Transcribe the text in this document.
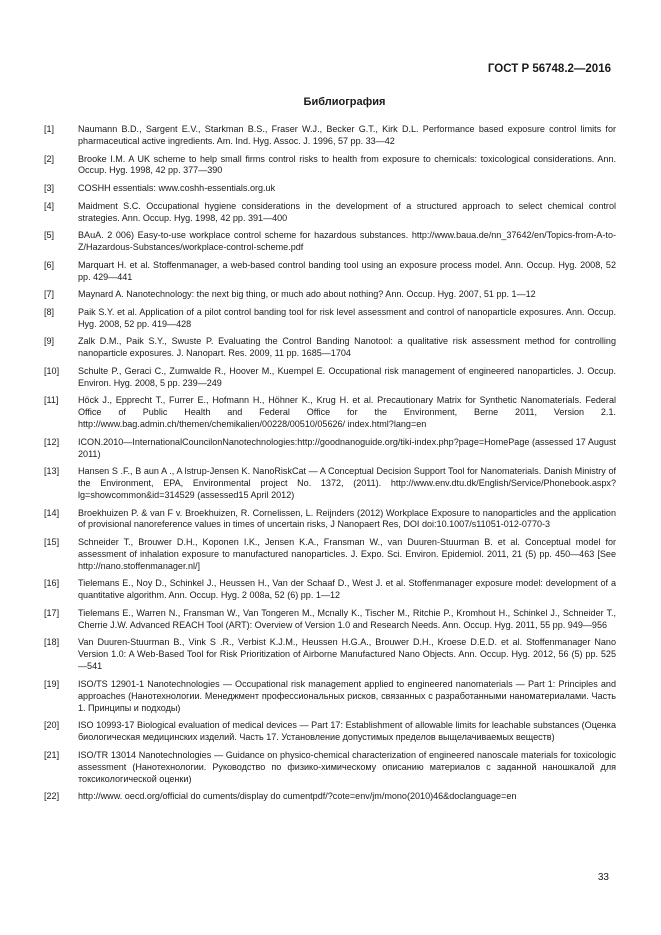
ГОСТ Р 56748.2—2016
Библиография
[1]	Naumann B.D., Sargent E.V., Starkman B.S., Fraser W.J., Becker G.T., Kirk D.L. Performance based exposure control limits for pharmaceutical active ingredients. Am. Ind. Hyg. Assoc. J. 1996, 57 pp. 33—42
[2]	Brooke I.M. A UK scheme to help small firms control risks to health from exposure to chemicals: toxicological considerations. Ann. Occup. Hyg. 1998, 42 pp. 377—390
[3]	COSHH essentials: www.coshh-essentials.org.uk
[4]	Maidment S.C. Occupational hygiene considerations in the development of a structured approach to select chemical control strategies. Ann. Occup. Hyg. 1998, 42 pp. 391—400
[5]	BAuA. 2 006) Easy-to-use workplace control scheme for hazardous substances. http://www.baua.de/nn_37642/en/Topics-from-A-to-Z/Hazardous-Substances/workplace-control-scheme.pdf
[6]	Marquart H. et al. Stoffenmanager, a web-based control banding tool using an exposure process model. Ann. Occup. Hyg. 2008, 52 pp. 429—441
[7]	Maynard A. Nanotechnology: the next big thing, or much ado about nothing? Ann. Occup. Hyg. 2007, 51 pp. 1—12
[8]	Paik S.Y. et al. Application of a pilot control banding tool for risk level assessment and control of nanoparticle exposures. Ann. Occup. Hyg. 2008, 52 pp. 419—428
[9]	Zalk D.M., Paik S.Y., Swuste P. Evaluating the Control Banding Nanotool: a qualitative risk assessment method for controlling nanoparticle exposures. J. Nanopart. Res. 2009, 11 pp. 1685—1704
[10]	Schulte P., Geraci C., Zumwalde R., Hoover M., Kuempel E. Occupational risk management of engineered nanoparticles. J. Occup. Environ. Hyg. 2008, 5 pp. 239—249
[11]	Höck J., Epprecht T., Furrer E., Hofmann H., Höhner K., Krug H. et al. Precautionary Matrix for Synthetic Nanomaterials. Federal Office of Public Health and Federal Office for the Environment, Berne 2011, Version 2.1. http://www.bag.admin.ch/themen/chemikalien/00228/00510/05626/ index.html?lang=en
[12]	ICON.2010—InternationalCouncilonNanotechnologies:http://goodnanoguide.org/tiki-index.php?page=HomePage (assessed 17 August 2011)
[13]	Hansen S .F., B aun A ., A lstrup-Jensen K. NanoRiskCat — A Conceptual Decision Support Tool for Nanomaterials. Danish Ministry of the Environment, EPA, Environmental project No. 1372, (2011). http://www.env.dtu.dk/English/Service/Phonebook.aspx?lg=showcommon&id=314529 (assessed15 April 2012)
[14]	Broekhuizen P. & van F v. Broekhuizen, R. Cornelissen, L. Reijnders (2012) Workplace Exposure to nanoparticles and the application of provisional nanoreference values in times of uncertain risks, J Nanopaert Res, DOI doi:10.1007/s11051-012-0770-3
[15]	Schneider T., Brouwer D.H., Koponen I.K., Jensen K.A., Fransman W., van Duuren-Stuurman B. et al. Conceptual model for assessment of inhalation exposure to manufactured nanoparticles. J. Expo. Sci. Environ. Epidemiol. 2011, 21 (5) pp. 450—463 [See http://nano.stoffenmanager.nl/]
[16]	Tielemans E., Noy D., Schinkel J., Heussen H., Van der Schaaf D., West J. et al. Stoffenmanager exposure model: development of a quantitative algorithm. Ann. Occup. Hyg. 2 008a, 52 (6) pp. 1—12
[17]	Tielemans E., Warren N., Fransman W., Van Tongeren M., Mcnally K., Tischer M., Ritchie P., Kromhout H., Schinkel J., Schneider T., Cherrie J.W. Advanced REACH Tool (ART): Overview of Version 1.0 and Research Needs. Ann. Occup. Hyg. 2011, 55 pp. 949—956
[18]	Van Duuren-Stuurman B., Vink S .R., Verbist K.J.M., Heussen H.G.A., Brouwer D.H., Kroese D.E.D. et al. Stoffenmanager Nano Version 1.0: A Web-Based Tool for Risk Prioritization of Airborne Manufactured Nano Objects. Ann. Occup. Hyg. 2012, 56 (5) pp. 525—541
[19]	ISO/TS 12901-1 Nanotechnologies — Occupational risk management applied to engineered nanomaterials — Part 1: Principles and approaches (Нанотехнологии. Менеджмент профессиональных рисков, связанных с разработанными наноматериалами. Часть 1. Принципы и подходы)
[20]	ISO 10993-17 Biological evaluation of medical devices — Part 17: Establishment of allowable limits for leachable substances (Оценка биологическая медицинских изделий. Часть 17. Установление допустимых пределов выщелачиваемых веществ)
[21]	ISO/TR 13014 Nanotechnologies — Guidance on physico-chemical characterization of engineered nanoscale materials for toxicologic assessment (Нанотехнологии. Руководство по физико-химическому описанию материалов с заданной наношкалой для токсикологической оценки)
[22]	http://www. oecd.org/official do cuments/display do cumentpdf/?cote=env/jm/mono(2010)46&doclanguage=en
33
